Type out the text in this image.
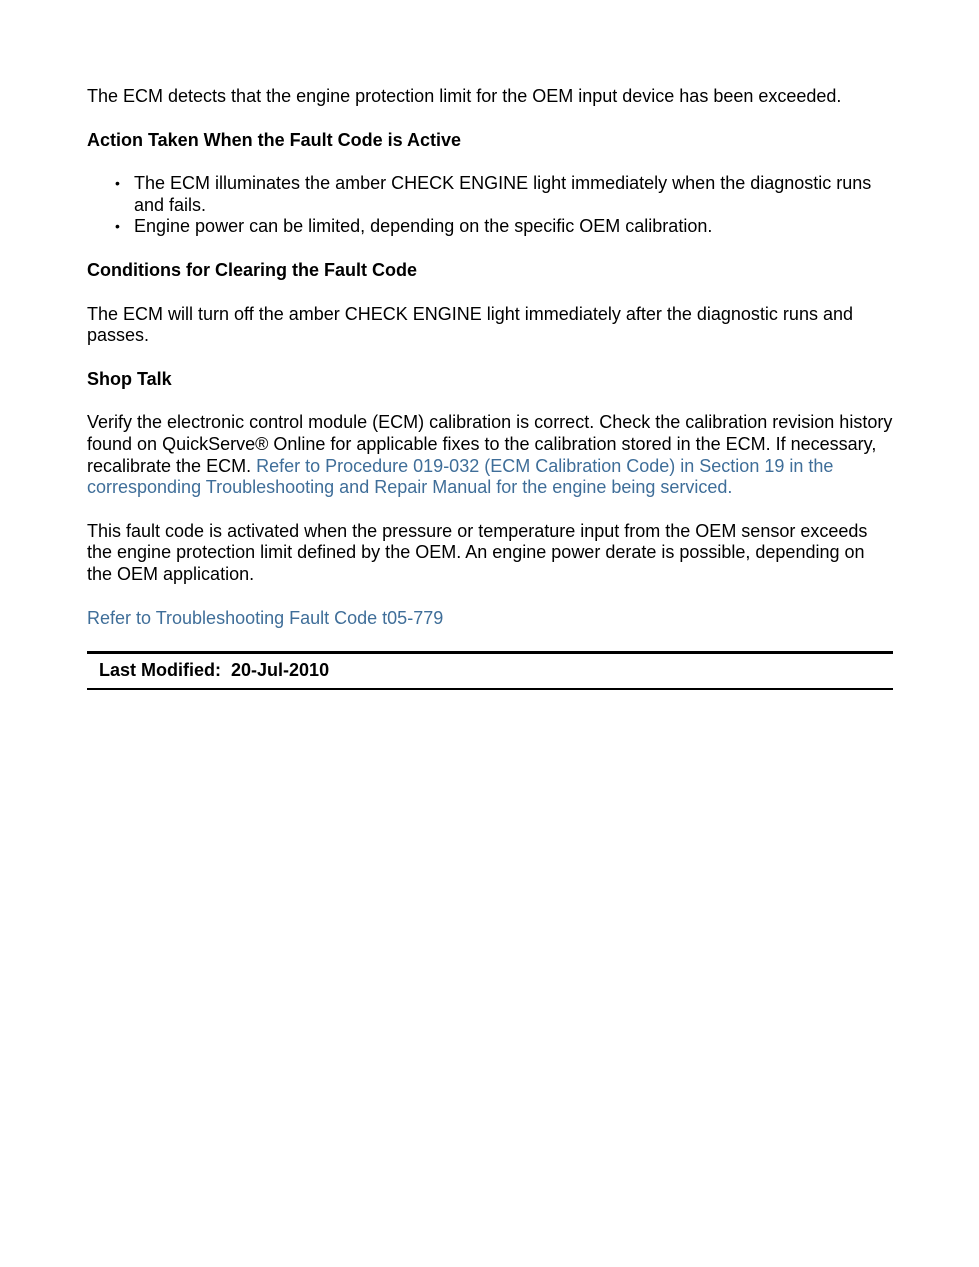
The ECM detects that the engine protection limit for the OEM input device has been exceeded.

Action Taken When the Fault Code is Active
• The ECM illuminates the amber CHECK ENGINE light immediately when the diagnostic runs and fails.
• Engine power can be limited, depending on the specific OEM calibration.
Conditions for Clearing the Fault Code

The ECM will turn off the amber CHECK ENGINE light immediately after the diagnostic runs and passes.

Shop Talk

Verify the electronic control module (ECM) calibration is correct. Check the calibration revision history found on QuickServe® Online for applicable fixes to the calibration stored in the ECM. If necessary, recalibrate the ECM. Refer to Procedure 019-032 (ECM Calibration Code) in Section 19 in the corresponding Troubleshooting and Repair Manual for the engine being serviced.

This fault code is activated when the pressure or temperature input from the OEM sensor exceeds the engine protection limit defined by the OEM. An engine power derate is possible, depending on the OEM application.

Refer to Troubleshooting Fault Code t05-779

Last Modified: 20-Jul-2010
